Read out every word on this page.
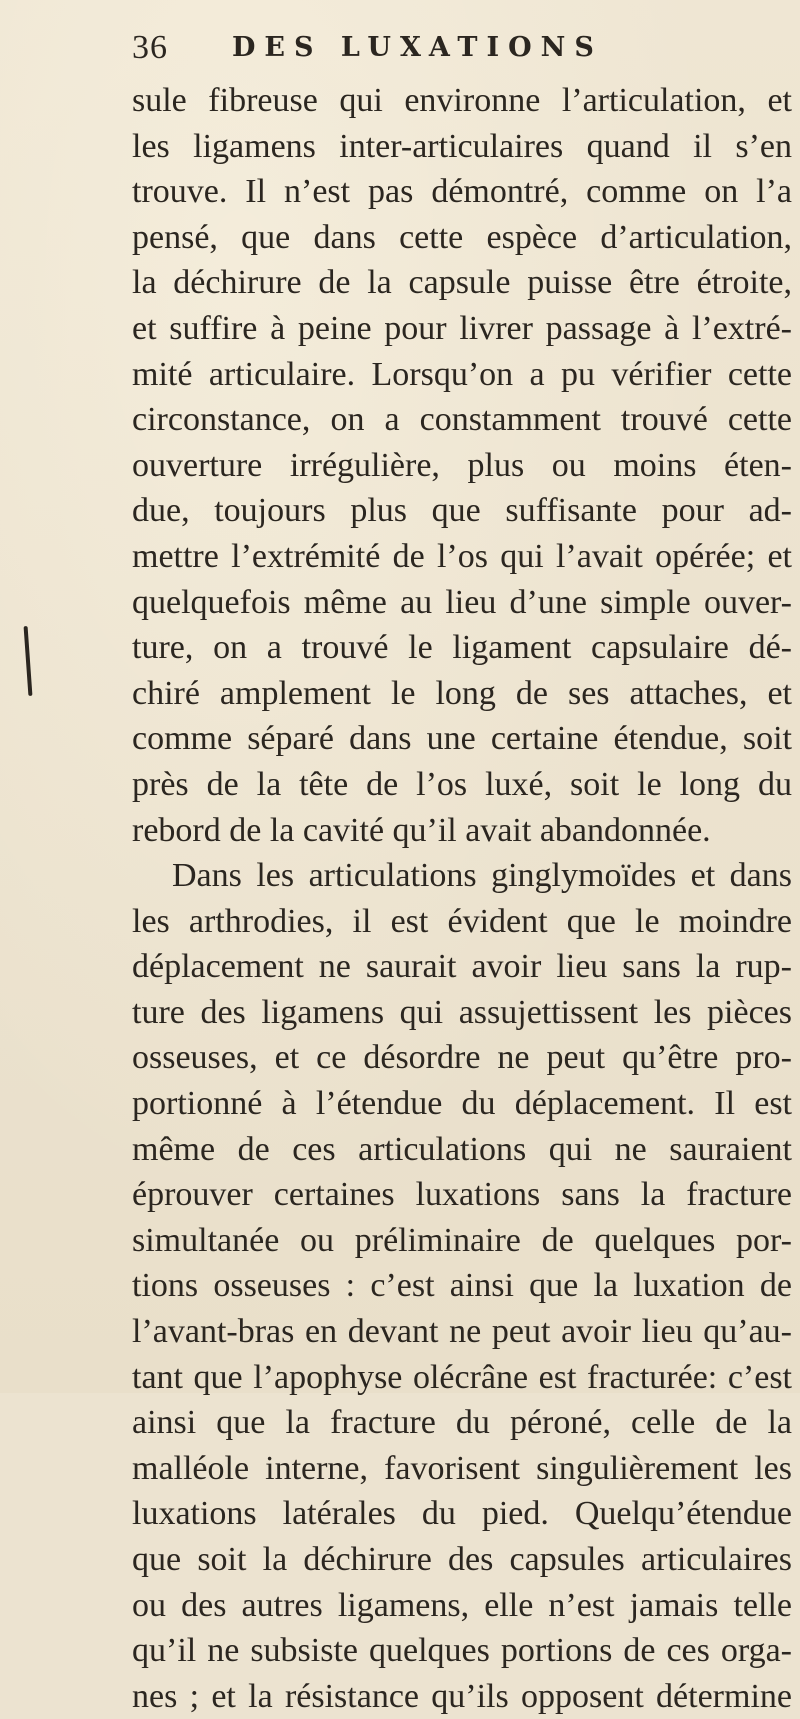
36 DES LUXATIONS
sule fibreuse qui environne l’articulation, et
les ligamens inter-articulaires quand il s’en
trouve. Il n’est pas démontré, comme on l’a
pensé, que dans cette espèce d’articulation,
la déchirure de la capsule puisse être étroite,
et suffire à peine pour livrer passage à l’extré-
mité articulaire. Lorsqu’on a pu vérifier cette
circonstance, on a constamment trouvé cette
ouverture irrégulière, plus ou moins éten-
due, toujours plus que suffisante pour ad-
mettre l’extrémité de l’os qui l’avait opérée; et
quelquefois même au lieu d’une simple ouver-
ture, on a trouvé le ligament capsulaire dé-
chiré amplement le long de ses attaches, et
comme séparé dans une certaine étendue, soit
près de la tête de l’os luxé, soit le long du
rebord de la cavité qu’il avait abandonnée.
Dans les articulations ginglymoïdes et dans
les arthrodies, il est évident que le moindre
déplacement ne saurait avoir lieu sans la rup-
ture des ligamens qui assujettissent les pièces
osseuses, et ce désordre ne peut qu’être pro-
portionné à l’étendue du déplacement. Il est
même de ces articulations qui ne sauraient
éprouver certaines luxations sans la fracture
simultanée ou préliminaire de quelques por-
tions osseuses : c’est ainsi que la luxation de
l’avant-bras en devant ne peut avoir lieu qu’au-
tant que l’apophyse olécrâne est fracturée: c’est
ainsi que la fracture du péroné, celle de la
malléole interne, favorisent singulièrement les
luxations latérales du pied. Quelqu’étendue
que soit la déchirure des capsules articulaires
ou des autres ligamens, elle n’est jamais telle
qu’il ne subsiste quelques portions de ces orga-
nes ; et la résistance qu’ils opposent détermine
